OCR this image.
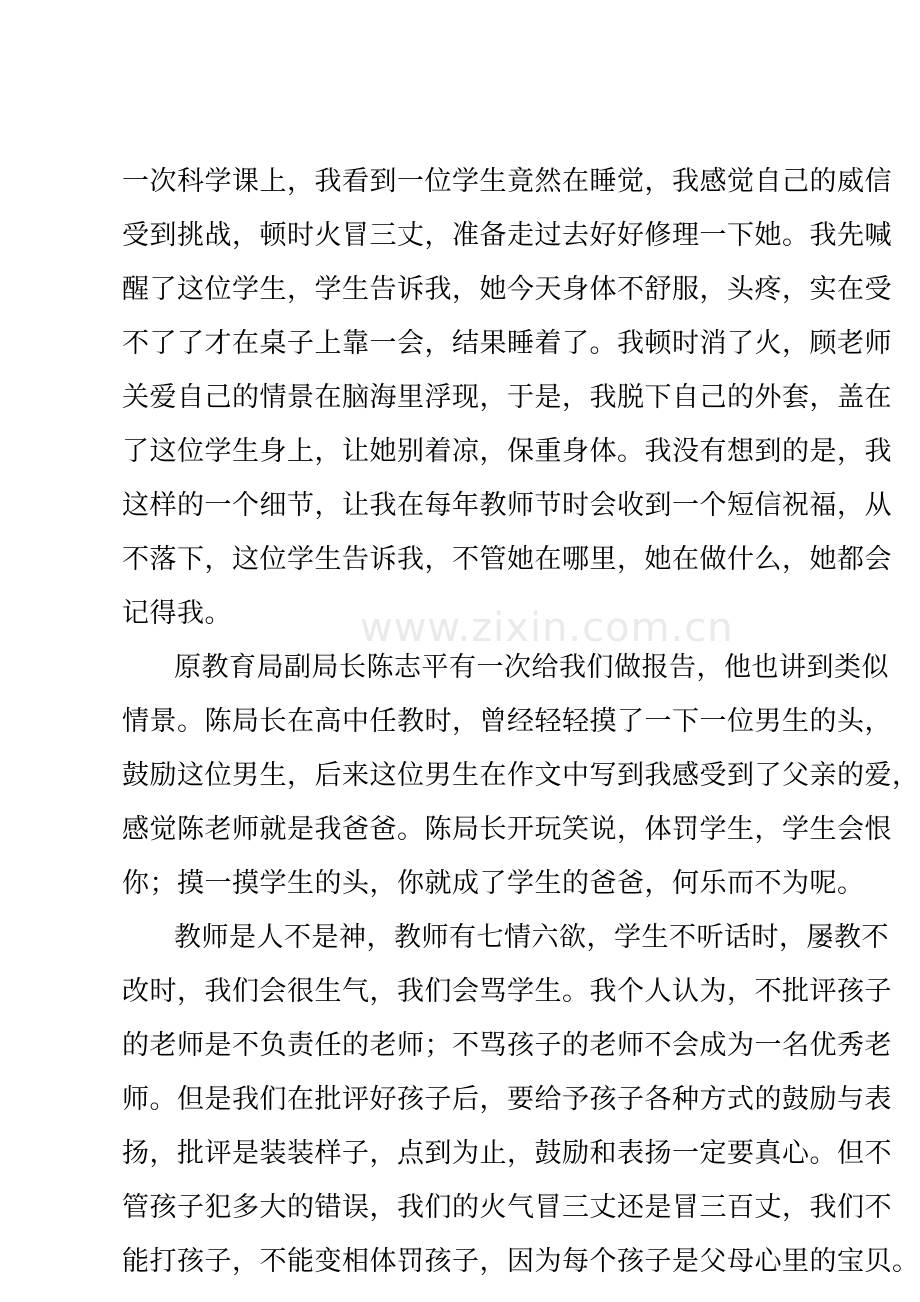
www.zixin.com.cn
一次科学课上，我看到一位学生竟然在睡觉，我感觉自己的威信
受到挑战，顿时火冒三丈，准备走过去好好修理一下她。我先喊
醒了这位学生，学生告诉我，她今天身体不舒服，头疼，实在受
不了了才在桌子上靠一会，结果睡着了。我顿时消了火，顾老师
关爱自己的情景在脑海里浮现，于是，我脱下自己的外套，盖在
了这位学生身上，让她别着凉，保重身体。我没有想到的是，我
这样的一个细节，让我在每年教师节时会收到一个短信祝福，从
不落下，这位学生告诉我，不管她在哪里，她在做什么，她都会
记得我。
原教育局副局长陈志平有一次给我们做报告，他也讲到类似
情景。陈局长在高中任教时，曾经轻轻摸了一下一位男生的头，
鼓励这位男生，后来这位男生在作文中写到我感受到了父亲的爱，
感觉陈老师就是我爸爸。陈局长开玩笑说，体罚学生，学生会恨
你；摸一摸学生的头，你就成了学生的爸爸，何乐而不为呢。
教师是人不是神，教师有七情六欲，学生不听话时，屡教不
改时，我们会很生气，我们会骂学生。我个人认为，不批评孩子
的老师是不负责任的老师；不骂孩子的老师不会成为一名优秀老
师。但是我们在批评好孩子后，要给予孩子各种方式的鼓励与表
扬，批评是装装样子，点到为止，鼓励和表扬一定要真心。但不
管孩子犯多大的错误，我们的火气冒三丈还是冒三百丈，我们不
能打孩子，不能变相体罚孩子，因为每个孩子是父母心里的宝贝。
